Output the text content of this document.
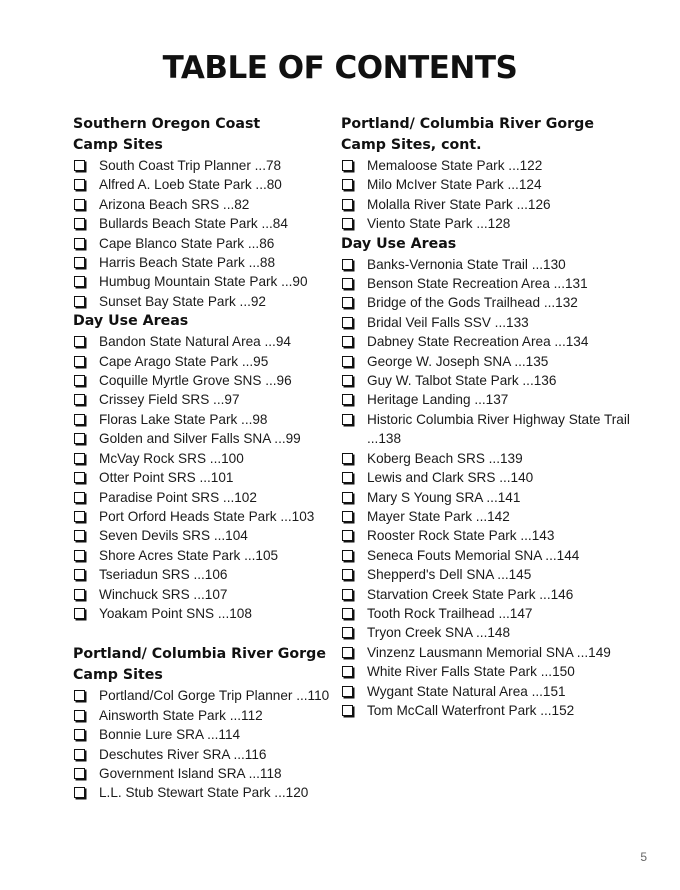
TABLE OF CONTENTS
Southern Oregon Coast
Camp Sites
South Coast Trip Planner ...78
Alfred A. Loeb State Park ...80
Arizona Beach SRS ...82
Bullards Beach State Park ...84
Cape Blanco State Park ...86
Harris Beach State Park ...88
Humbug Mountain State Park ...90
Sunset Bay State Park ...92
Day Use Areas
Bandon State Natural Area ...94
Cape Arago State Park ...95
Coquille Myrtle Grove SNS ...96
Crissey Field SRS ...97
Floras Lake State Park ...98
Golden and Silver Falls SNA ...99
McVay Rock SRS ...100
Otter Point SRS ...101
Paradise Point SRS ...102
Port Orford Heads State Park ...103
Seven Devils SRS ...104
Shore Acres State Park ...105
Tseriadun SRS ...106
Winchuck SRS ...107
Yoakam Point SNS ...108
Portland/ Columbia River Gorge
Camp Sites
Portland/Col Gorge Trip Planner ...110
Ainsworth State Park ...112
Bonnie Lure SRA ...114
Deschutes River SRA ...116
Government Island SRA ...118
L.L. Stub Stewart State Park ...120
Portland/ Columbia River Gorge
Camp Sites, cont.
Memaloose State Park ...122
Milo McIver State Park ...124
Molalla River State Park ...126
Viento State Park ...128
Day Use Areas
Banks-Vernonia State Trail ...130
Benson State Recreation Area ...131
Bridge of the Gods Trailhead ...132
Bridal Veil Falls SSV ...133
Dabney State Recreation Area ...134
George W. Joseph SNA ...135
Guy W. Talbot State Park ...136
Heritage Landing ...137
Historic Columbia River Highway State Trail ...138
Koberg Beach SRS ...139
Lewis and Clark SRS ...140
Mary S Young SRA ...141
Mayer State Park ...142
Rooster Rock State Park ...143
Seneca Fouts Memorial SNA ...144
Shepperd's Dell SNA ...145
Starvation Creek State Park ...146
Tooth Rock Trailhead ...147
Tryon Creek SNA ...148
Vinzenz Lausmann Memorial SNA ...149
White River Falls State Park ...150
Wygant State Natural Area ...151
Tom McCall Waterfront Park ...152
5
